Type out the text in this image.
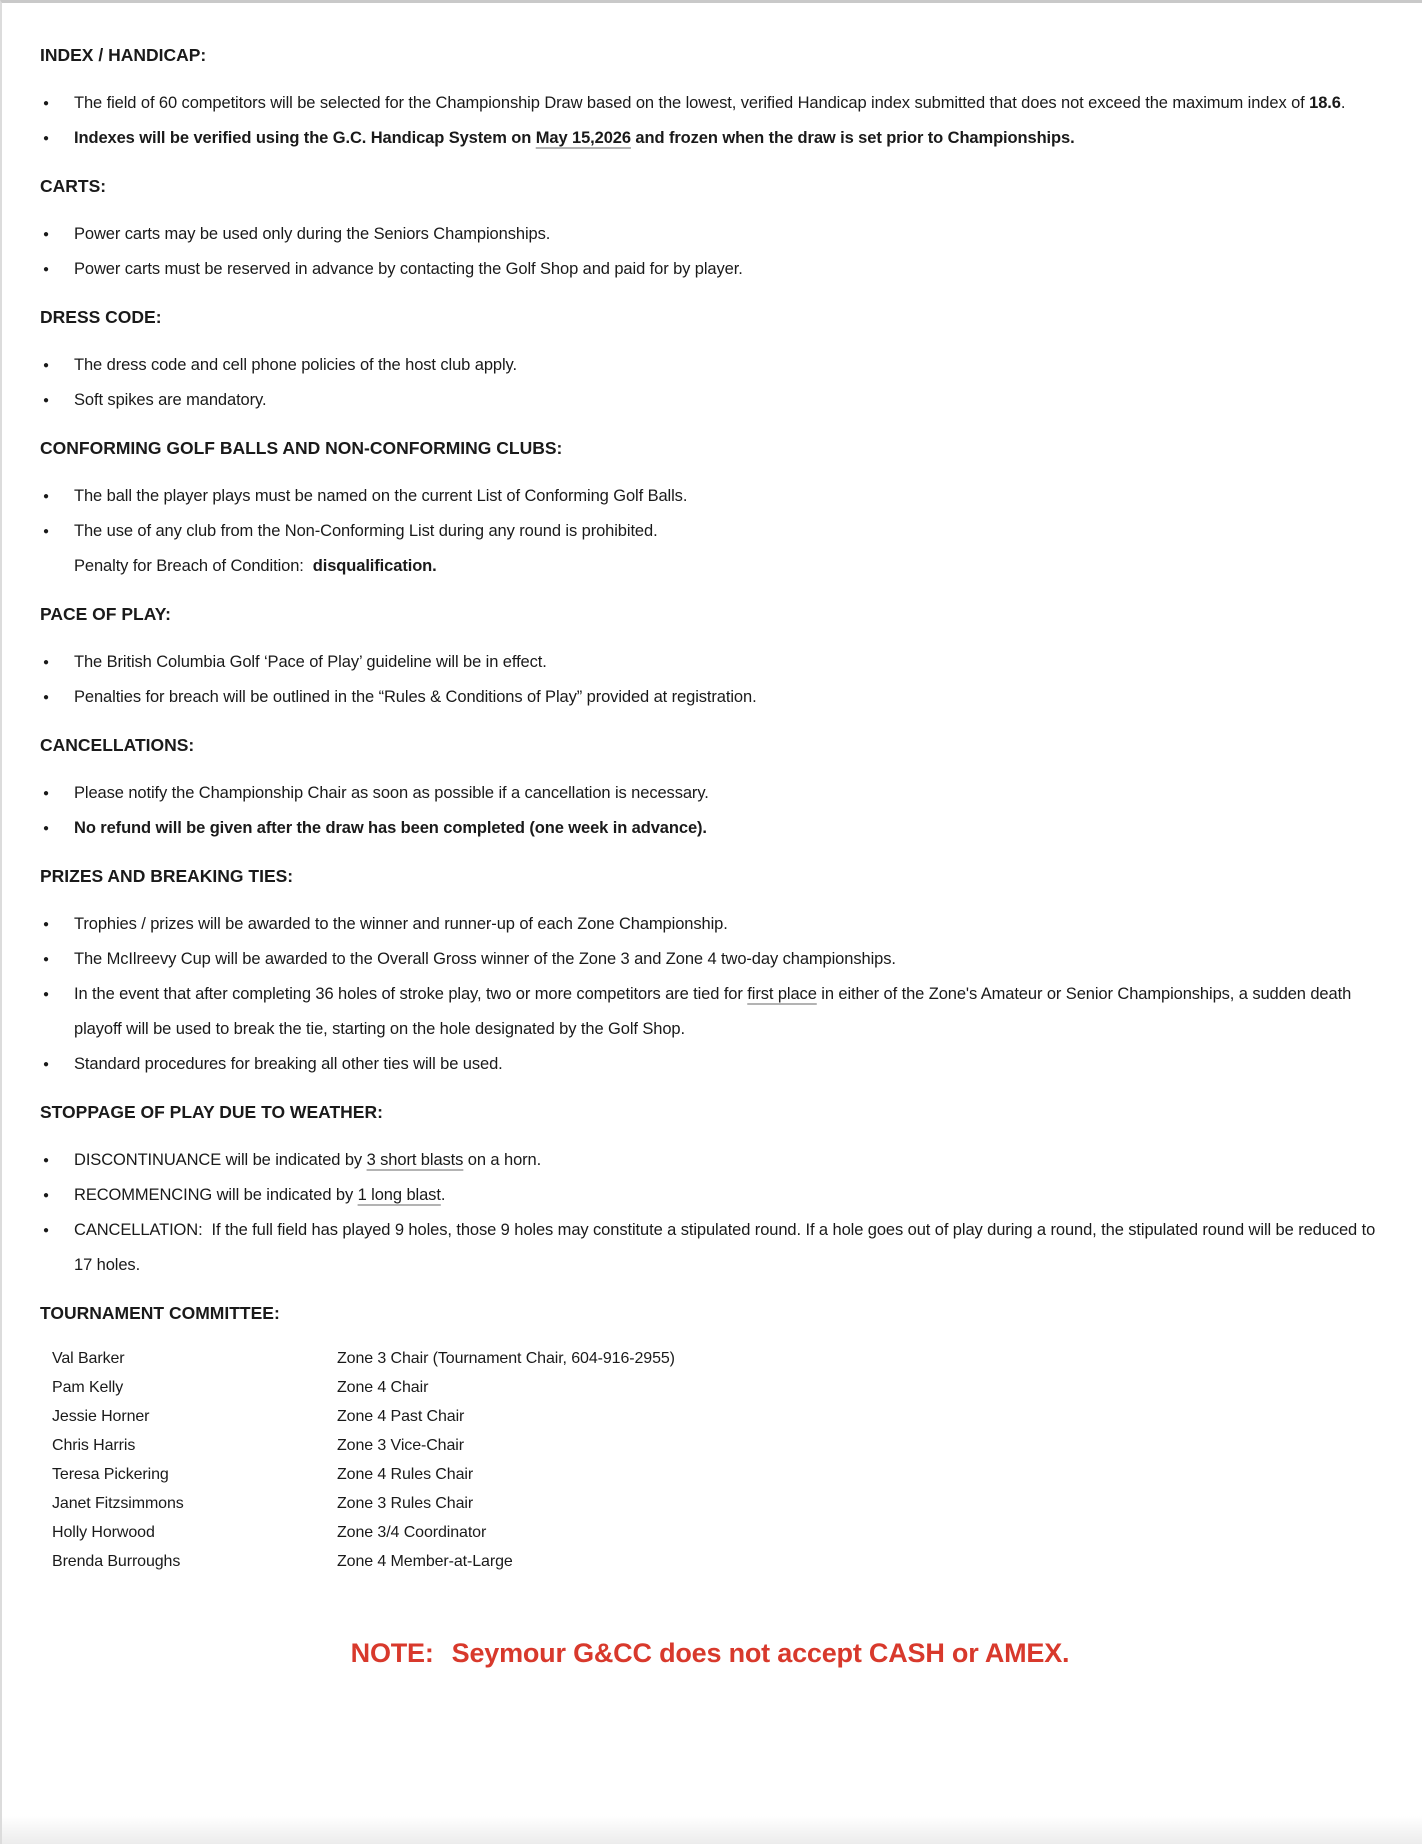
INDEX / HANDICAP:
● The field of 60 competitors will be selected for the Championship Draw based on the lowest, verified Handicap index submitted that does not exceed the maximum index of 18.6.
● Indexes will be verified using the G.C. Handicap System on May 15,2026 and frozen when the draw is set prior to Championships.
CARTS:
● Power carts may be used only during the Seniors Championships.
● Power carts must be reserved in advance by contacting the Golf Shop and paid for by player.
DRESS CODE:
● The dress code and cell phone policies of the host club apply.
● Soft spikes are mandatory.
CONFORMING GOLF BALLS AND NON-CONFORMING CLUBS:
● The ball the player plays must be named on the current List of Conforming Golf Balls.
● The use of any club from the Non-Conforming List during any round is prohibited.
Penalty for Breach of Condition:  disqualification.
PACE OF PLAY:
● The British Columbia Golf ‘Pace of Play’ guideline will be in effect.
● Penalties for breach will be outlined in the “Rules & Conditions of Play” provided at registration.
CANCELLATIONS:
● Please notify the Championship Chair as soon as possible if a cancellation is necessary.
● No refund will be given after the draw has been completed (one week in advance).
PRIZES AND BREAKING TIES:
● Trophies / prizes will be awarded to the winner and runner-up of each Zone Championship.
● The McIlreevy Cup will be awarded to the Overall Gross winner of the Zone 3 and Zone 4 two-day championships.
● In the event that after completing 36 holes of stroke play, two or more competitors are tied for first place in either of the Zone's Amateur or Senior Championships, a sudden death playoff will be used to break the tie, starting on the hole designated by the Golf Shop.
● Standard procedures for breaking all other ties will be used.
STOPPAGE OF PLAY DUE TO WEATHER:
● DISCONTINUANCE will be indicated by 3 short blasts on a horn.
● RECOMMENCING will be indicated by 1 long blast.
● CANCELLATION:  If the full field has played 9 holes, those 9 holes may constitute a stipulated round. If a hole goes out of play during a round, the stipulated round will be reduced to 17 holes.
TOURNAMENT COMMITTEE:
Val Barker	Zone 3 Chair (Tournament Chair, 604-916-2955)
Pam Kelly	Zone 4 Chair
Jessie Horner	Zone 4 Past Chair
Chris Harris	Zone 3 Vice-Chair
Teresa Pickering	Zone 4 Rules Chair
Janet Fitzsimmons	Zone 3 Rules Chair
Holly Horwood	Zone 3/4 Coordinator
Brenda Burroughs	Zone 4 Member-at-Large
NOTE: Seymour G&CC does not accept CASH or AMEX.
